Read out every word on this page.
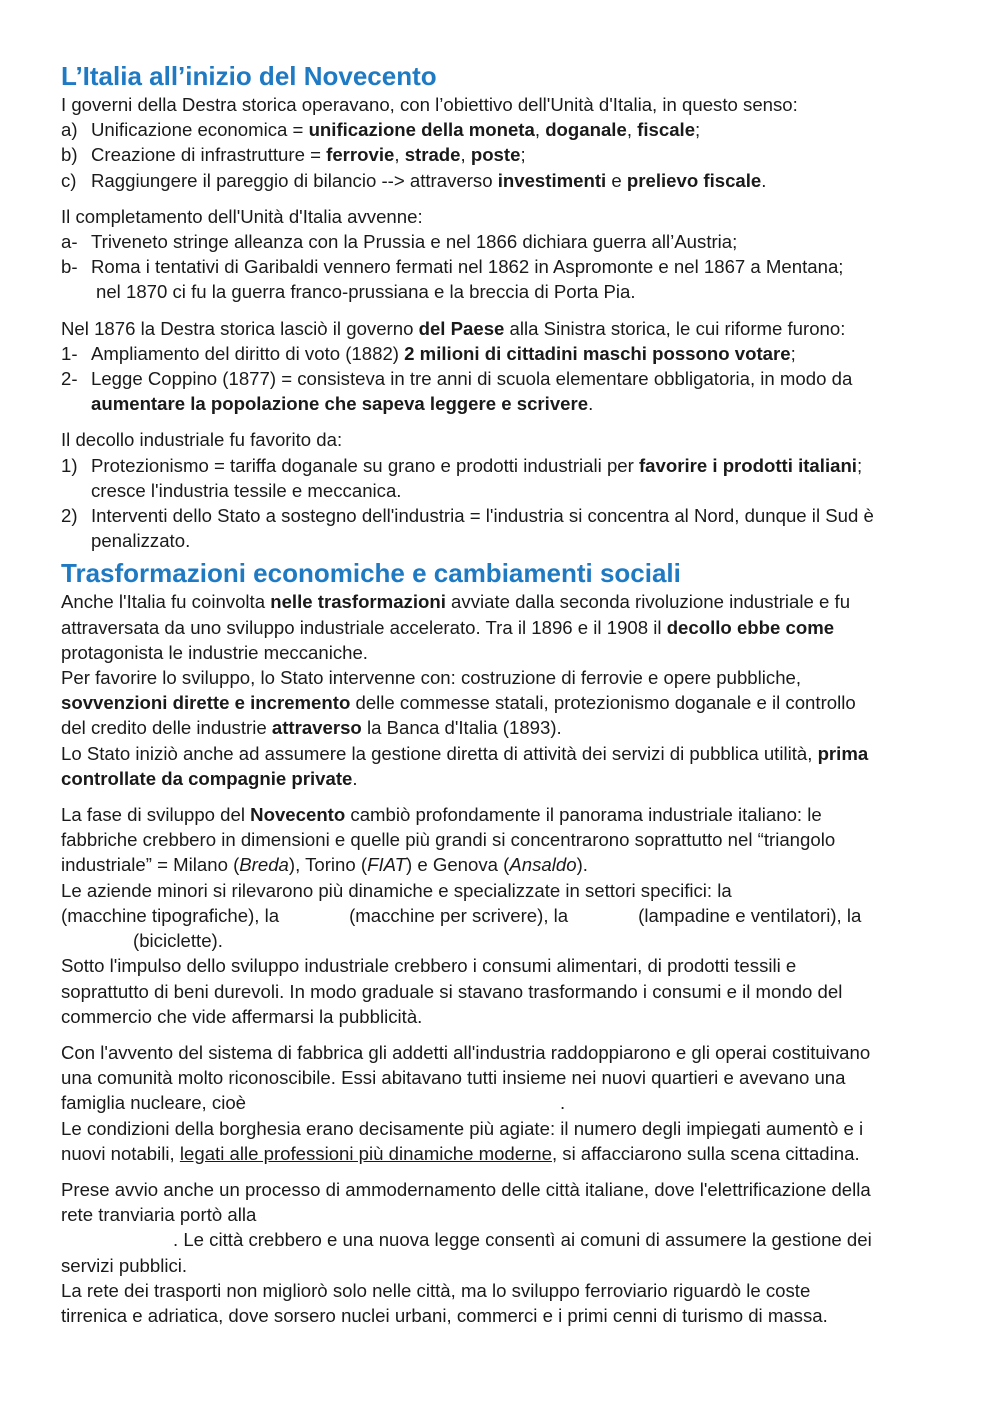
L’Italia all’inizio del Novecento

I governi della Destra storica operavano, con l’obiettivo dell'Unità d'Italia, in questo senso:

a) Unificazione economica = unificazione della moneta, doganale, fiscale;
b) Creazione di infrastrutture = ferrovie, strade, poste;
c) Raggiungere il pareggio di bilancio --> attraverso investimenti e prelievo fiscale.

Il completamento dell'Unità d'Italia avvenne:

a- Triveneto stringe alleanza con la Prussia e nel 1866 dichiara guerra all’Austria;
b- Roma i tentativi di Garibaldi vennero fermati nel 1862 in Aspromonte e nel 1867 a Mentana;

nel 1870 ci fu la guerra franco-prussiana e la breccia di Porta Pia.

Nel 1876 la Destra storica lasciò il governo del Paese alla Sinistra storica, le cui riforme furono:

1- Ampliamento del diritto di voto (1882) 2 milioni di cittadini maschi possono votare;
2- Legge Coppino (1877) = consisteva in tre anni di scuola elementare obbligatoria, in modo da

aumentare la popolazione che sapeva leggere e scrivere.

Il decollo industriale fu favorito da:

1) Protezionismo = tariffa doganale su grano e prodotti industriali per favorire i prodotti italiani;

cresce l'industria tessile e meccanica.

2) Interventi dello Stato a sostegno dell'industria = l'industria si concentra al Nord, dunque il Sud è

penalizzato.

Trasformazioni economiche e cambiamenti sociali

Anche l'Italia fu coinvolta nelle trasformazioni avviate dalla seconda rivoluzione industriale e fu

attraversata da uno sviluppo industriale accelerato. Tra il 1896 e il 1908 il decollo ebbe come

protagonista le industrie meccaniche.

Per favorire lo sviluppo, lo Stato intervenne con: costruzione di ferrovie e opere pubbliche,

sovvenzioni dirette e incremento delle commesse statali, protezionismo doganale e il controllo

del credito delle industrie attraverso la Banca d'Italia (1893).

Lo Stato iniziò anche ad assumere la gestione diretta di attività dei servizi di pubblica utilità, prima

controllate da compagnie private.

La fase di sviluppo del Novecento cambiò profondamente il panorama industriale italiano: le

fabbriche crebbero in dimensioni e quelle più grandi si concentrarono soprattutto nel “triangolo

industriale” = Milano (Breda), Torino (FIAT) e Genova (Ansaldo).

Le aziende minori si rilevarono più dinamiche e specializzate in settori specifici: la

(macchine tipografiche), la	(macchine per scrivere), la	(lampadine e ventilatori), la

(biciclette).

Sotto l'impulso dello sviluppo industriale crebbero i consumi alimentari, di prodotti tessili e

soprattutto di beni durevoli. In modo graduale si stavano trasformando i consumi e il mondo del

commercio che vide affermarsi la pubblicità.

Con l'avvento del sistema di fabbrica gli addetti all'industria raddoppiarono e gli operai costituivano

una comunità molto riconoscibile. Essi abitavano tutti insieme nei nuovi quartieri e avevano una

famiglia nucleare, cioè	.

Le condizioni della borghesia erano decisamente più agiate: il numero degli impiegati aumentò e i

nuovi notabili, legati alle professioni più dinamiche moderne, si affacciarono sulla scena cittadina.

Prese avvio anche un processo di ammodernamento delle città italiane, dove l'elettrificazione della

rete tranviaria portò alla

. Le città crebbero e una nuova legge consentì ai comuni di assumere la gestione dei

servizi pubblici.

La rete dei trasporti non migliorò solo nelle città, ma lo sviluppo ferroviario riguardò le coste

tirrenica e adriatica, dove sorsero nuclei urbani, commerci e i primi cenni di turismo di massa.
